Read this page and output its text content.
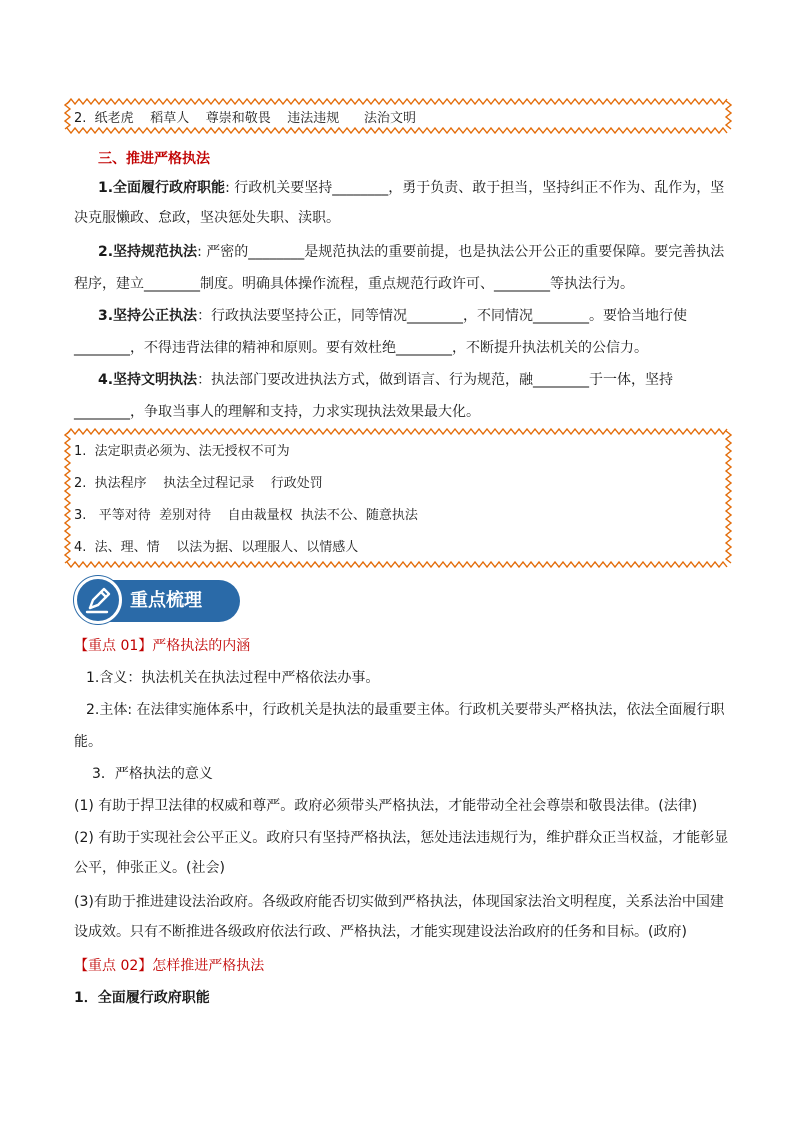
2.  纸老虎    稻草人    尊崇和敬畏    违法违规      法治文明
三、推进严格执法
1.全面履行政府职能: 行政机关要坚持________，勇于负责、敢于担当，坚持纠正不作为、乱作为，坚
决克服懒政、怠政，坚决惩处失职、渎职。
2.坚持规范执法: 严密的________是规范执法的重要前提，也是执法公开公正的重要保障。要完善执法
程序，建立________制度。明确具体操作流程，重点规范行政许可、________等执法行为。
3.坚持公正执法：行政执法要坚持公正，同等情况________，不同情况________。要恰当地行使
________，不得违背法律的精神和原则。要有效杜绝________，不断提升执法机关的公信力。
4.坚持文明执法：执法部门要改进执法方式，做到语言、行为规范，融________于一体，坚持
________，争取当事人的理解和支持，力求实现执法效果最大化。
1.  法定职责必须为、法无授权不可为
2.  执法程序    执法全过程记录    行政处罚
3.   平等对待  差别对待    自由裁量权  执法不公、随意执法
4.  法、理、情    以法为据、以理服人、以情感人
重点梳理
【重点 01】严格执法的内涵
1.含义：执法机关在执法过程中严格依法办事。
2.主体: 在法律实施体系中，行政机关是执法的最重要主体。行政机关要带头严格执法，依法全面履行职
能。
3．严格执法的意义
(1) 有助于捍卫法律的权威和尊严。政府必须带头严格执法，才能带动全社会尊崇和敬畏法律。(法律)
(2) 有助于实现社会公平正义。政府只有坚持严格执法，惩处违法违规行为，维护群众正当权益，才能彰显
公平，伸张正义。(社会)
(3)有助于推进建设法治政府。各级政府能否切实做到严格执法，体现国家法治文明程度，关系法治中国建
设成效。只有不断推进各级政府依法行政、严格执法，才能实现建设法治政府的任务和目标。(政府)
【重点 02】怎样推进严格执法
1．全面履行政府职能
